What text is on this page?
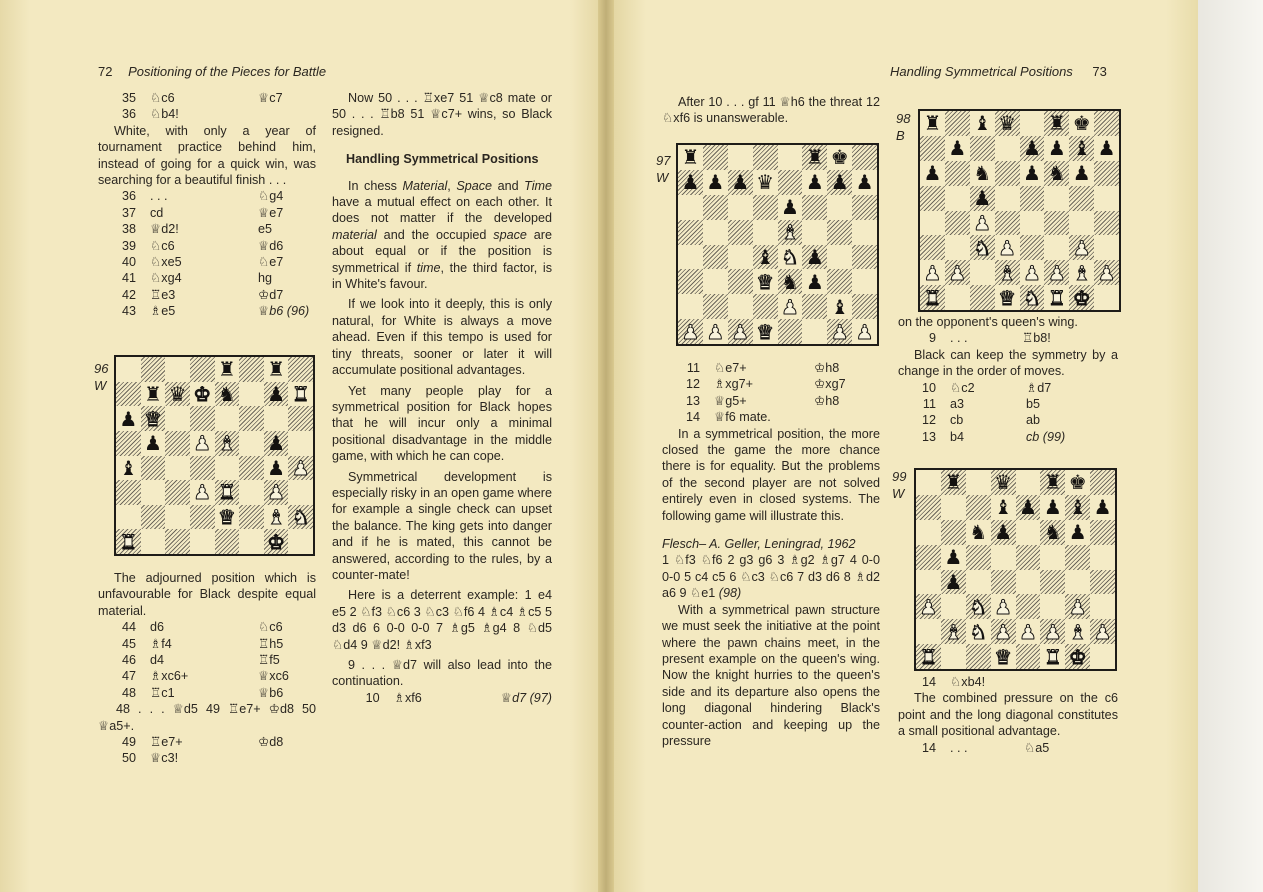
72 Positioning of the Pieces for Battle
35	♘c6	♕c7
36	♘b4!

White, with only a year of tournament practice behind him, instead of going for a quick win, was searching for a beautiful finish . . .

36	. . .	♘g4
37	cd	♕e7
38	♕d2!	e5
39	♘c6	♕d6
40	♘xe5	♘e7
41	♘xg4	hg
42	♖e3	♔d7
43	♗e5	♕b6 (96)
96
W
♜ ♜
♜ ♛ ♚ ♞ ♟ ♜
♟ ♛
♟ ♟ ♝ ♟
♝	♟ ♟
♟ ♜ ♟
♛ ♝ ♞
♜	♚

The adjourned position which is unfavourable for Black despite equal material.

44	d6	♘c6
45	♗f4	♖h5
46	d4	♖f5
47	♗xc6+	♕xc6
48	♖c1	♕b6

48 . . . ♕d5 49 ♖e7+ ♔d8 50 ♕a5+.

49	♖e7+	♔d8
50	♕c3!

Now 50 . . . ♖xe7 51 ♕c8 mate or 50 . . . ♖b8 51 ♕c7+ wins, so Black resigned.

Handling Symmetrical Positions

In chess Material, Space and Time have a mutual effect on each other. It does not matter if the developed material and the occupied space are about equal or if the position is symmetrical if time, the third factor, is in White's favour.

If we look into it deeply, this is only natural, for White is always a move ahead. Even if this tempo is used for tiny threats, sooner or later it will accumulate positional advantages.

Yet many people play for a symmetrical position for Black hopes that he will incur only a minimal positional disadvantage in the middle game, with which he can cope.

Symmetrical development is especially risky in an open game where for example a single check can upset the balance. The king gets into danger and if he is mated, this cannot be answered, according to the rules, by a counter-mate!

Here is a deterrent example: 1 e4 e5 2 ♘f3 ♘c6 3 ♘c3 ♘f6 4 ♗c4 ♗c5 5 d3 d6 6 0-0 0-0 7 ♗g5 ♗g4 8 ♘d5 ♘d4 9 ♕d2! ♗xf3

9 . . . ♕d7 will also lead into the continuation.

10	♗xf6	♕d7 (97)
Handling Symmetrical Positions 73

After 10 . . . gf 11 ♕h6 the threat 12 ♘xf6 is unanswerable.

97
W
♜	♜ ♚
♟ ♟ ♟ ♛ ♟ ♟ ♟
♟
♝
♝ ♞ ♟
♛ ♞ ♟
♟ ♝
♟ ♟ ♟ ♛	♟ ♟
11	♘e7+	♔h8
12	♗xg7+	♔xg7
13	♕g5+	♔h8
14	♕f6 mate.

In a symmetrical position, the more closed the game the more chance there is for equality. But the problems of the second player are not solved entirely even in closed systems. The following game will illustrate this.

Flesch– A. Geller, Leningrad, 1962

1 ♘f3 ♘f6 2 g3 g6 3 ♗g2 ♗g7 4 0-0 0-0 5 c4 c5 6 ♘c3 ♘c6 7 d3 d6 8 ♗d2 a6 9 ♘e1 (98)

With a symmetrical pawn structure we must seek the initiative at the point where the pawn chains meet, in the present example on the queen's wing. Now the knight hurries to the queen's side and its departure also opens the long diagonal hindering Black's counter-action and keeping up the pressure

98
B
♜ ♝ ♛ ♜ ♚
♟	♟ ♟ ♝ ♟
♟ ♞ ♟ ♞ ♟
♟
♟
♞ ♟	♟
♟ ♟ ♝ ♟ ♟ ♝ ♟
♜	♛ ♞ ♜ ♚

on the opponent's queen's wing.

9	. . .	♖b8!

Black can keep the symmetry by a change in the order of moves.

10	♘c2	♗d7
11	a3	b5
12	cb	ab
13	b4	cb (99)
99
W ♜ ♛ ♜ ♚
♝ ♟ ♟ ♝ ♟
♞ ♟ ♞ ♟
♟
♟
♟ ♞ ♟	♟
♝ ♞ ♟ ♟ ♟ ♝ ♟
♜	♛ ♜ ♚
14	♘xb4!

The combined pressure on the c6 point and the long diagonal constitutes a small positional advantage.

14	. . .	♘a5
